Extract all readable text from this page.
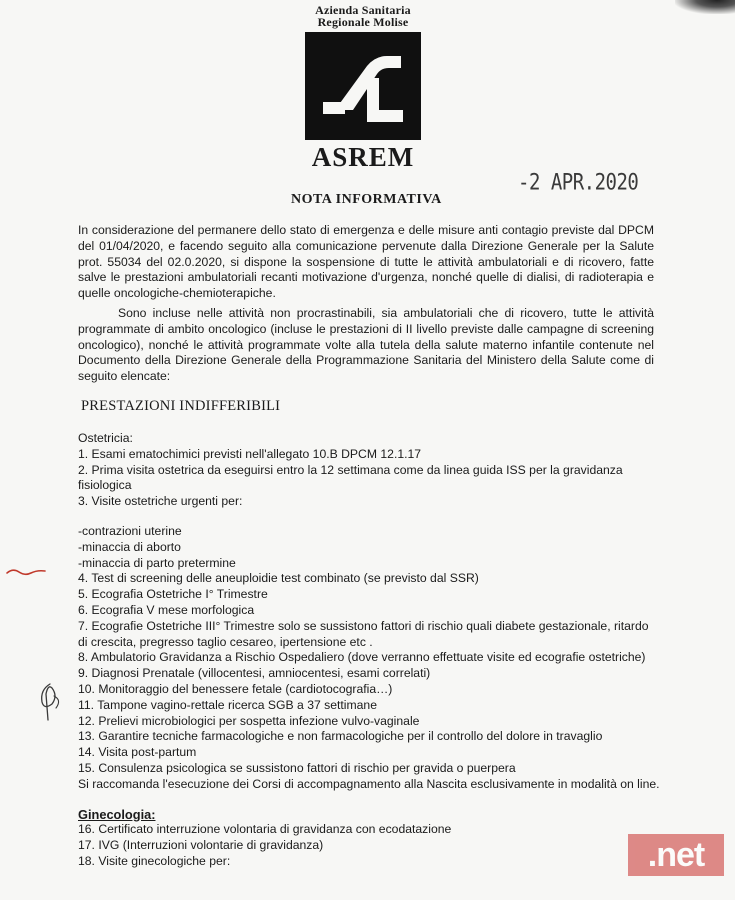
Azienda Sanitaria
Regionale Molise
ASREM
-2 APR.2020
NOTA INFORMATIVA

In considerazione del permanere dello stato di emergenza e delle misure anti contagio previste dal DPCM del 01/04/2020, e facendo seguito alla comunicazione pervenute dalla Direzione Generale per la Salute prot. 55034 del 02.0.2020, si dispone la sospensione di tutte le attività ambulatoriali e di ricovero, fatte salve le prestazioni ambulatoriali recanti motivazione d'urgenza, nonché quelle di dialisi, di radioterapia e quelle oncologiche-chemioterapiche.

Sono incluse nelle attività non procrastinabili, sia ambulatoriali che di ricovero, tutte le attività programmate di ambito oncologico (incluse le prestazioni di II livello previste dalle campagne di screening oncologico), nonché le attività programmate volte alla tutela della salute materno infantile contenute nel Documento della Direzione Generale della Programmazione Sanitaria del Ministero della Salute come di seguito elencate:

PRESTAZIONI INDIFFERIBILI
Ostetricia:
1. Esami ematochimici previsti nell'allegato 10.B DPCM 12.1.17
2. Prima visita ostetrica da eseguirsi entro la 12 settimana come da linea guida ISS per la gravidanza fisiologica
3. Visite ostetriche urgenti per:
-contrazioni uterine
-minaccia di aborto
-minaccia di parto pretermine
4. Test di screening delle aneuploidie test combinato (se previsto dal SSR)
5. Ecografia Ostetriche I° Trimestre
6. Ecografia V mese morfologica
7. Ecografie Ostetriche III° Trimestre solo se sussistono fattori di rischio quali diabete gestazionale, ritardo di crescita, pregresso taglio cesareo, ipertensione etc .
8. Ambulatorio Gravidanza a Rischio Ospedaliero (dove verranno effettuate visite ed ecografie ostetriche)
9. Diagnosi Prenatale (villocentesi, amniocentesi, esami correlati)
10. Monitoraggio del benessere fetale (cardiotocografia…)
11. Tampone vagino-rettale ricerca SGB a 37 settimane
12. Prelievi microbiologici per sospetta infezione vulvo-vaginale
13. Garantire tecniche farmacologiche e non farmacologiche per il controllo del dolore in travaglio
14. Visita post-partum
15. Consulenza psicologica se sussistono fattori di rischio per gravida o puerpera
Si raccomanda l'esecuzione dei Corsi di accompagnamento alla Nascita esclusivamente in modalità on line.
Ginecologia:
16. Certificato interruzione volontaria di gravidanza con ecodatazione
17. IVG (Interruzioni volontarie di gravidanza)
18. Visite ginecologiche per:	.net
